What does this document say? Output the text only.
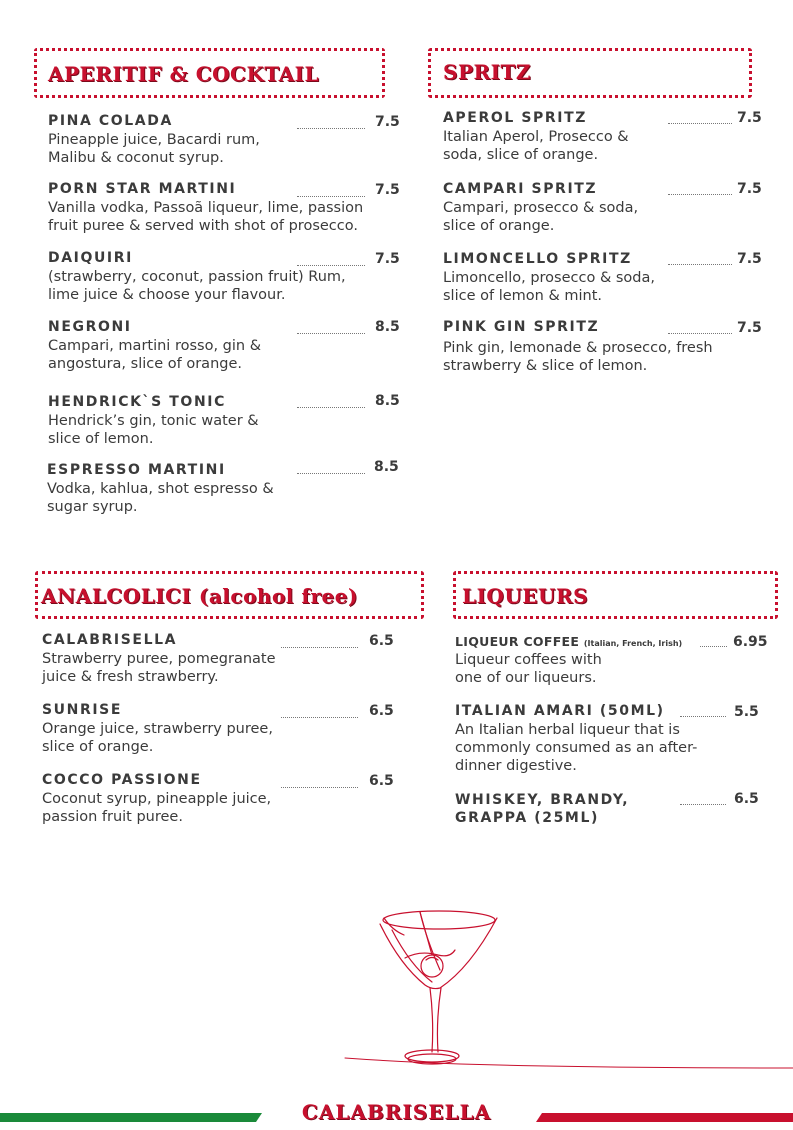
APERITIF & COCKTAIL
PINA COLADA
Pineapple juice, Bacardi rum, Malibu & coconut syrup.
7.5
PORN STAR MARTINI
Vanilla vodka, Passoã liqueur, lime, passion fruit puree & served with shot of prosecco.
7.5
DAIQUIRI
(strawberry, coconut, passion fruit) Rum, lime juice & choose your flavour.
7.5
NEGRONI
Campari, martini rosso, gin & angostura, slice of orange.
8.5
HENDRICK`S TONIC
Hendrick’s gin, tonic water & slice of lemon.
8.5
ESPRESSO MARTINI
Vodka, kahlua, shot espresso & sugar syrup.
8.5
SPRITZ
APEROL SPRITZ
Italian Aperol, Prosecco & soda, slice of orange.
7.5
CAMPARI SPRITZ
Campari, prosecco & soda, slice of orange.
7.5
LIMONCELLO SPRITZ
Limoncello, prosecco & soda, slice of lemon & mint.
7.5
PINK GIN SPRITZ
Pink gin, lemonade & prosecco, fresh strawberry & slice of lemon.
7.5
ANALCOLICI (alcohol free)
CALABRISELLA
Strawberry puree, pomegranate juice & fresh strawberry.
6.5
SUNRISE
Orange juice, strawberry puree, slice of orange.
6.5
COCCO PASSIONE
Coconut syrup, pineapple juice, passion fruit puree.
6.5
LIQUEURS
LIQUEUR COFFEE (Italian, French, Irish)
Liqueur coffees with one of our liqueurs.
6.95
ITALIAN AMARI (50ML)
An Italian herbal liqueur that is commonly consumed as an after-dinner digestive.
5.5
WHISKEY, BRANDY, GRAPPA (25ML)
6.5
CALABRISELLA
